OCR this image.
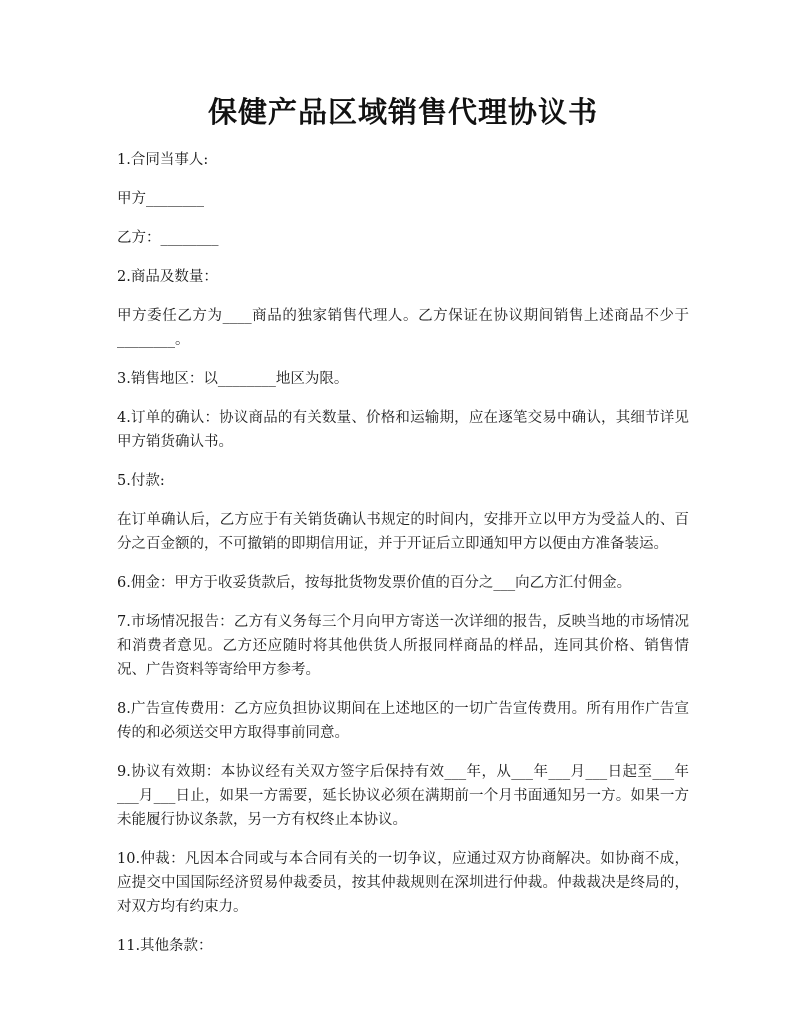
保健产品区域销售代理协议书

1.合同当事人:

甲方________

乙方：________

2.商品及数量：

甲方委任乙方为____商品的独家销售代理人。乙方保证在协议期间销售上述商品不少于________。

3.销售地区：以________地区为限。

4.订单的确认：协议商品的有关数量、价格和运输期，应在逐笔交易中确认，其细节详见甲方销货确认书。

5.付款:

在订单确认后，乙方应于有关销货确认书规定的时间内，安排开立以甲方为受益人的、百分之百金额的，不可撤销的即期信用证，并于开证后立即通知甲方以便由方准备装运。

6.佣金：甲方于收妥货款后，按每批货物发票价值的百分之___向乙方汇付佣金。

7.市场情况报告：乙方有义务每三个月向甲方寄送一次详细的报告，反映当地的市场情况和消费者意见。乙方还应随时将其他供货人所报同样商品的样品，连同其价格、销售情况、广告资料等寄给甲方参考。

8.广告宣传费用：乙方应负担协议期间在上述地区的一切广告宣传费用。所有用作广告宣传的和必须送交甲方取得事前同意。

9.协议有效期：本协议经有关双方签字后保持有效___年，从___年___月___日起至___年___月___日止，如果一方需要，延长协议必须在满期前一个月书面通知另一方。如果一方未能履行协议条款，另一方有权终止本协议。

10.仲裁：凡因本合同或与本合同有关的一切争议，应通过双方协商解决。如协商不成，应提交中国国际经济贸易仲裁委员，按其仲裁规则在深圳进行仲裁。仲裁裁决是终局的，对双方均有约束力。

11.其他条款：
